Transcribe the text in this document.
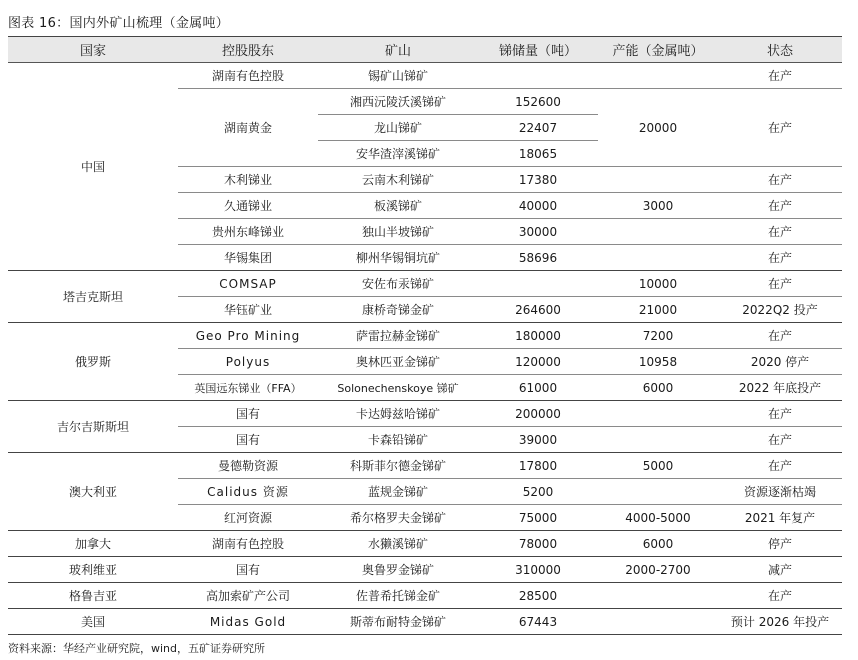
图表 16：国内外矿山梳理（金属吨）
国家	控股股东	矿山	锑储量（吨）	产能（金属吨）	状态
中国	湖南有色控股	锡矿山锑矿			在产
	湖南黄金	湘西沅陵沃溪锑矿	152600	20000	在产
		龙山锑矿	22407		
		安华渣滓溪锑矿	18065		
	木利锑业	云南木利锑矿	17380		在产
	久通锑业	板溪锑矿	40000	3000	在产
	贵州东峰锑业	独山半坡锑矿	30000		在产
	华锡集团	柳州华锡铜坑矿	58696		在产
塔吉克斯坦	COMSAP	安佐布汞锑矿		10000	在产
	华钰矿业	康桥奇锑金矿	264600	21000	2022Q2 投产
俄罗斯	Geo Pro Mining	萨雷拉赫金锑矿	180000	7200	在产
	Polyus	奥林匹亚金锑矿	120000	10958	2020 停产
	英国远东锑业（FFA）	Solonechenskoye 锑矿	61000	6000	2022 年底投产
吉尔吉斯斯坦	国有	卡达姆兹哈锑矿	200000		在产
	国有	卡森铅锑矿	39000		在产
澳大利亚	曼德勒资源	科斯菲尔德金锑矿	17800	5000	在产
	Calidus 资源	蓝规金锑矿	5200		资源逐渐枯竭
	红河资源	希尔格罗夫金锑矿	75000	4000-5000	2021 年复产
加拿大	湖南有色控股	水獭溪锑矿	78000	6000	停产
玻利维亚	国有	奥鲁罗金锑矿	310000	2000-2700	减产
格鲁吉亚	高加索矿产公司	佐普希托锑金矿	28500		在产
美国	Midas Gold	斯蒂布耐特金锑矿	67443		预计 2026 年投产
资料来源：华经产业研究院，wind，五矿证券研究所
